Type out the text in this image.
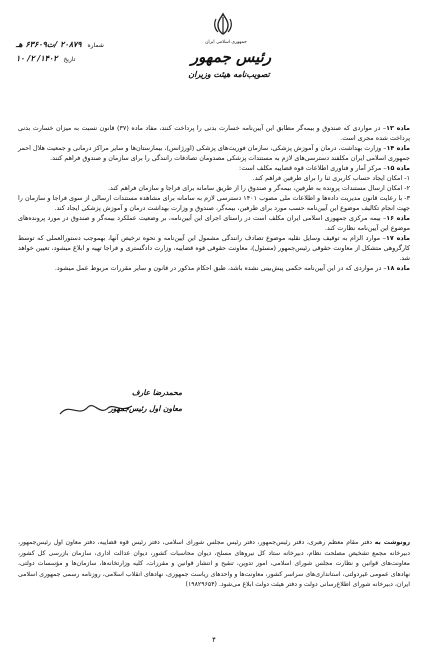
جمهوری اسلامی ایران
رئیس جمهور
تصویب‌نامه هیئت وزیران
شماره ۲۰۸۷۹ /ت۶۳۶۰۹ هـ
تاریخ ۱۴۰۲/ ۲/ ۱۰

ماده ۱۳– در مواردی که صندوق و بیمه‌گر مطابق این آیین‌نامه خسارت بدنی را پرداخت کنند، مفاد ماده (۳۷) قانون نسبت به میزان خسارت بدنی پرداخت شده مجری است.

ماده ۱۴– وزارت بهداشت، درمان و آموزش پزشکی، سازمان فوریت‌های پزشکی (اورژانس)، بیمارستان‌ها و سایر مراکز درمانی و جمعیت هلال احمر جمهوری اسلامی ایران مکلفند دسترسی‌های لازم به مستندات پزشکی مصدومان تصادفات رانندگی را برای سازمان و صندوق فراهم کنند.

ماده ۱۵– مرکز آمار و فناوری اطلاعات قوه قضاییه مکلف است:

۱- امکان ایجاد حساب کاربری ثنا را برای طرفین فراهم کند.

۲- امکان ارسال مستندات پرونده به طرفین، بیمه‌گر و صندوق را از طریق سامانه برای فراجا و سازمان فراهم کند.

۳- با رعایت قانون مدیریت داده‌ها و اطلاعات ملی مصوب ۱۴۰۱ دسترسی لازم به سامانه برای مشاهده مستندات ارسالی از سوی فراجا و سازمان را جهت انجام تکالیف موضوع این آیین‌نامه حسب مورد برای طرفین، بیمه‌گر، صندوق و وزارت بهداشت درمان و آموزش پزشکی ایجاد کند.

ماده ۱۶– بیمه مرکزی جمهوری اسلامی ایران مکلف است در راستای اجرای این آیین‌نامه، بر وضعیت عملکرد بیمه‌گر و صندوق در مورد پرونده‌های موضوع این آیین‌نامه نظارت کند.

ماده ۱۷– موارد الزام به توقیف وسایل نقلیه موضوع تصادف رانندگی مشمول این آیین‌نامه و نحوه ترخیص آنها، بهموجب دستورالعملی که توسط کارگروهی متشکل از معاونت حقوقی رئیس‌جمهور (مسئول)، معاونت حقوقی قوه قضاییه، وزارت دادگستری و فراجا تهیه و ابلاغ میشود، تعیین خواهد شد.

ماده ۱۸– در مواردی که در این آیین‌نامه حکمی پیش‌بینی نشده باشد، طبق احکام مذکور در قانون و سایر مقررات مربوط عمل میشود.

محمدرضا عارف
معاون اول رئیس‌جمهور
رونوشت به دفتر مقام معظم رهبری، دفتر رئیس‌جمهور، دفتر رئیس مجلس شورای اسلامی، دفتر رئیس قوه قضاییه، دفتر معاون اول رئیس‌جمهور، دبیرخانه مجمع تشخیص مصلحت نظام، دبیرخانه ستاد کل نیروهای مسلح، دیوان محاسبات کشور، دیوان عدالت اداری، سازمان بازرسی کل کشور، معاونت‌های قوانین و نظارت مجلس شورای اسلامی، امور تدوین، تنقیح و انتشار قوانین و مقررات، کلیه وزارتخانه‌ها، سازمان‌ها و مؤسسات دولتی، نهادهای عمومی غیردولتی، استانداری‌های سراسر کشور، معاونت‌ها و واحدهای ریاست جمهوری، نهادهای انقلاب اسلامی، روزنامه رسمی جمهوری اسلامی ایران، دبیرخانه شورای اطلاع‌رسانی دولت و دفتر هیئت دولت ابلاغ می‌شود. (۱۹۸۲۹۶۵۴)
۴
